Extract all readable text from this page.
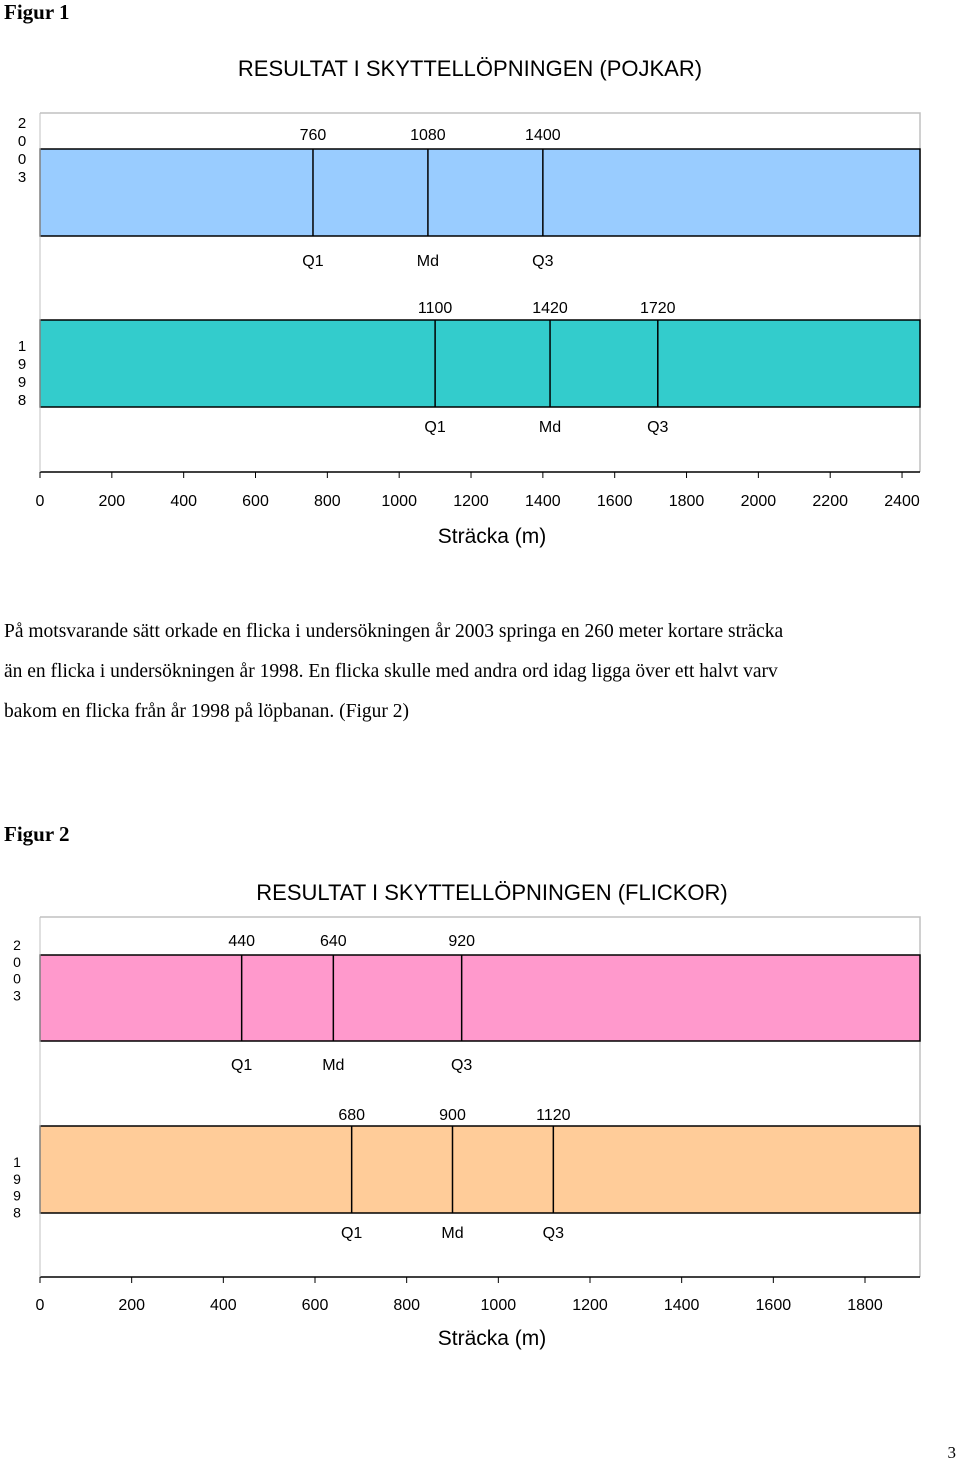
Figur 1
RESULTAT I SKYTTELLÖPNINGEN (POJKAR)
2 0 0 3
760
Q1
1080
Md
1400
Q3
1 9 9 8
1100
Q1
1420
Md
1720
Q3
0	200	400	600	800	1000 1200 1400 1600 1800 2000 2200 2400
Sträcka (m)
På motsvarande sätt orkade en flicka i undersökningen år 2003 springa en 260 meter kortare sträcka
än en flicka i undersökningen år 1998. En flicka skulle med andra ord idag ligga över ett halvt varv
bakom en flicka från år 1998 på löpbanan. (Figur 2)
Figur 2
RESULTAT I SKYTTELLÖPNINGEN (FLICKOR)
2 0 0 3
440
Q1
640
Md
920
Q3
1 9 9 8
680
Q1
900
Md
1120
Q3
0	200	400	600	800	1000	1200	1400	1600	1800
Sträcka (m)
3
